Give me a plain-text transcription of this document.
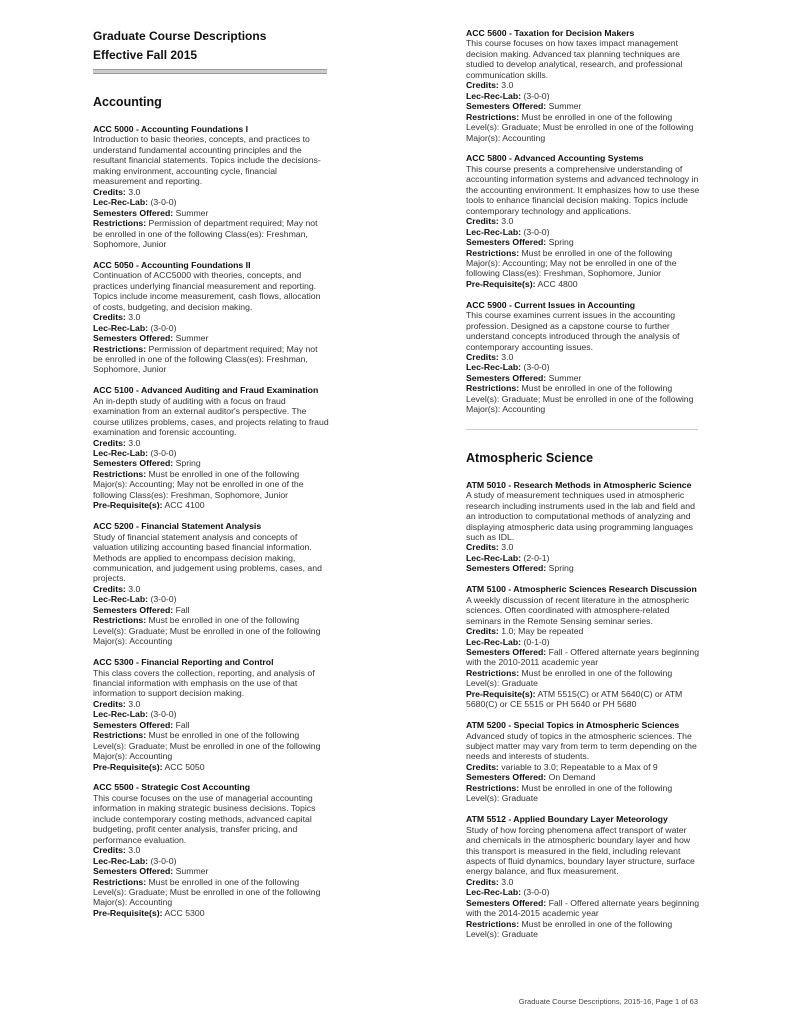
Graduate Course Descriptions
Effective Fall 2015
Accounting
ACC 5000 - Accounting Foundations I
Introduction to basic theories, concepts, and practices to understand fundamental accounting principles and the resultant financial statements. Topics include the decisions-making environment, accounting cycle, financial measurement and reporting.
Credits: 3.0
Lec-Rec-Lab: (3-0-0)
Semesters Offered: Summer
Restrictions: Permission of department required; May not be enrolled in one of the following Class(es): Freshman, Sophomore, Junior
ACC 5050 - Accounting Foundations II
Continuation of ACC5000 with theories, concepts, and practices underlying financial measurement and reporting. Topics include income measurement, cash flows, allocation of costs, budgeting, and decision making.
Credits: 3.0
Lec-Rec-Lab: (3-0-0)
Semesters Offered: Summer
Restrictions: Permission of department required; May not be enrolled in one of the following Class(es): Freshman, Sophomore, Junior
ACC 5100 - Advanced Auditing and Fraud Examination
An in-depth study of auditing with a focus on fraud examination from an external auditor's perspective. The course utilizes problems, cases, and projects relating to fraud examination and forensic accounting.
Credits: 3.0
Lec-Rec-Lab: (3-0-0)
Semesters Offered: Spring
Restrictions: Must be enrolled in one of the following Major(s): Accounting; May not be enrolled in one of the following Class(es): Freshman, Sophomore, Junior
Pre-Requisite(s): ACC 4100
ACC 5200 - Financial Statement Analysis
Study of financial statement analysis and concepts of valuation utilizing accounting based financial information. Methods are applied to encompass decision making, communication, and judgement using problems, cases, and projects.
Credits: 3.0
Lec-Rec-Lab: (3-0-0)
Semesters Offered: Fall
Restrictions: Must be enrolled in one of the following Level(s): Graduate; Must be enrolled in one of the following Major(s): Accounting
ACC 5300 - Financial Reporting and Control
This class covers the collection, reporting, and analysis of financial information with emphasis on the use of that information to support decision making.
Credits: 3.0
Lec-Rec-Lab: (3-0-0)
Semesters Offered: Fall
Restrictions: Must be enrolled in one of the following Level(s): Graduate; Must be enrolled in one of the following Major(s): Accounting
Pre-Requisite(s): ACC 5050
ACC 5500 - Strategic Cost Accounting
This course focuses on the use of managerial accounting information in making strategic business decisions. Topics include contemporary costing methods, advanced capital budgeting, profit center analysis, transfer pricing, and performance evaluation.
Credits: 3.0
Lec-Rec-Lab: (3-0-0)
Semesters Offered: Summer
Restrictions: Must be enrolled in one of the following Level(s): Graduate; Must be enrolled in one of the following Major(s): Accounting
Pre-Requisite(s): ACC 5300
ACC 5600 - Taxation for Decision Makers
This course focuses on how taxes impact management decision making. Advanced tax planning techniques are studied to develop analytical, research, and professional communication skills.
Credits: 3.0
Lec-Rec-Lab: (3-0-0)
Semesters Offered: Summer
Restrictions: Must be enrolled in one of the following Level(s): Graduate; Must be enrolled in one of the following Major(s): Accounting
ACC 5800 - Advanced Accounting Systems
This course presents a comprehensive understanding of accounting information systems and advanced technology in the accounting environment. It emphasizes how to use these tools to enhance financial decision making. Topics include contemporary technology and applications.
Credits: 3.0
Lec-Rec-Lab: (3-0-0)
Semesters Offered: Spring
Restrictions: Must be enrolled in one of the following Major(s): Accounting; May not be enrolled in one of the following Class(es): Freshman, Sophomore, Junior
Pre-Requisite(s): ACC 4800
ACC 5900 - Current Issues in Accounting
This course examines current issues in the accounting profession. Designed as a capstone course to further understand concepts introduced through the analysis of contemporary accounting issues.
Credits: 3.0
Lec-Rec-Lab: (3-0-0)
Semesters Offered: Summer
Restrictions: Must be enrolled in one of the following Level(s): Graduate; Must be enrolled in one of the following Major(s): Accounting
Atmospheric Science
ATM 5010 - Research Methods in Atmospheric Science
A study of measurement techniques used in atmospheric research including instruments used in the lab and field and an introduction to computational methods of analyzing and displaying atmospheric data using programming languages such as IDL.
Credits: 3.0
Lec-Rec-Lab: (2-0-1)
Semesters Offered: Spring
ATM 5100 - Atmospheric Sciences Research Discussion
A weekly discussion of recent literature in the atmospheric sciences. Often coordinated with atmosphere-related seminars in the Remote Sensing seminar series.
Credits: 1.0; May be repeated
Lec-Rec-Lab: (0-1-0)
Semesters Offered: Fall - Offered alternate years beginning with the 2010-2011 academic year
Restrictions: Must be enrolled in one of the following Level(s): Graduate
Pre-Requisite(s): ATM 5515(C) or ATM 5640(C) or ATM 5680(C) or CE 5515 or PH 5640 or PH 5680
ATM 5200 - Special Topics in Atmospheric Sciences
Advanced study of topics in the atmospheric sciences. The subject matter may vary from term to term depending on the needs and interests of students.
Credits: variable to 3.0; Repeatable to a Max of 9
Semesters Offered: On Demand
Restrictions: Must be enrolled in one of the following Level(s): Graduate
ATM 5512 - Applied Boundary Layer Meteorology
Study of how forcing phenomena affect transport of water and chemicals in the atmospheric boundary layer and how this transport is measured in the field, including relevant aspects of fluid dynamics, boundary layer structure, surface energy balance, and flux measurement.
Credits: 3.0
Lec-Rec-Lab: (3-0-0)
Semesters Offered: Fall - Offered alternate years beginning with the 2014-2015 academic year
Restrictions: Must be enrolled in one of the following Level(s): Graduate
Graduate Course Descriptions, 2015-16, Page 1 of 63
